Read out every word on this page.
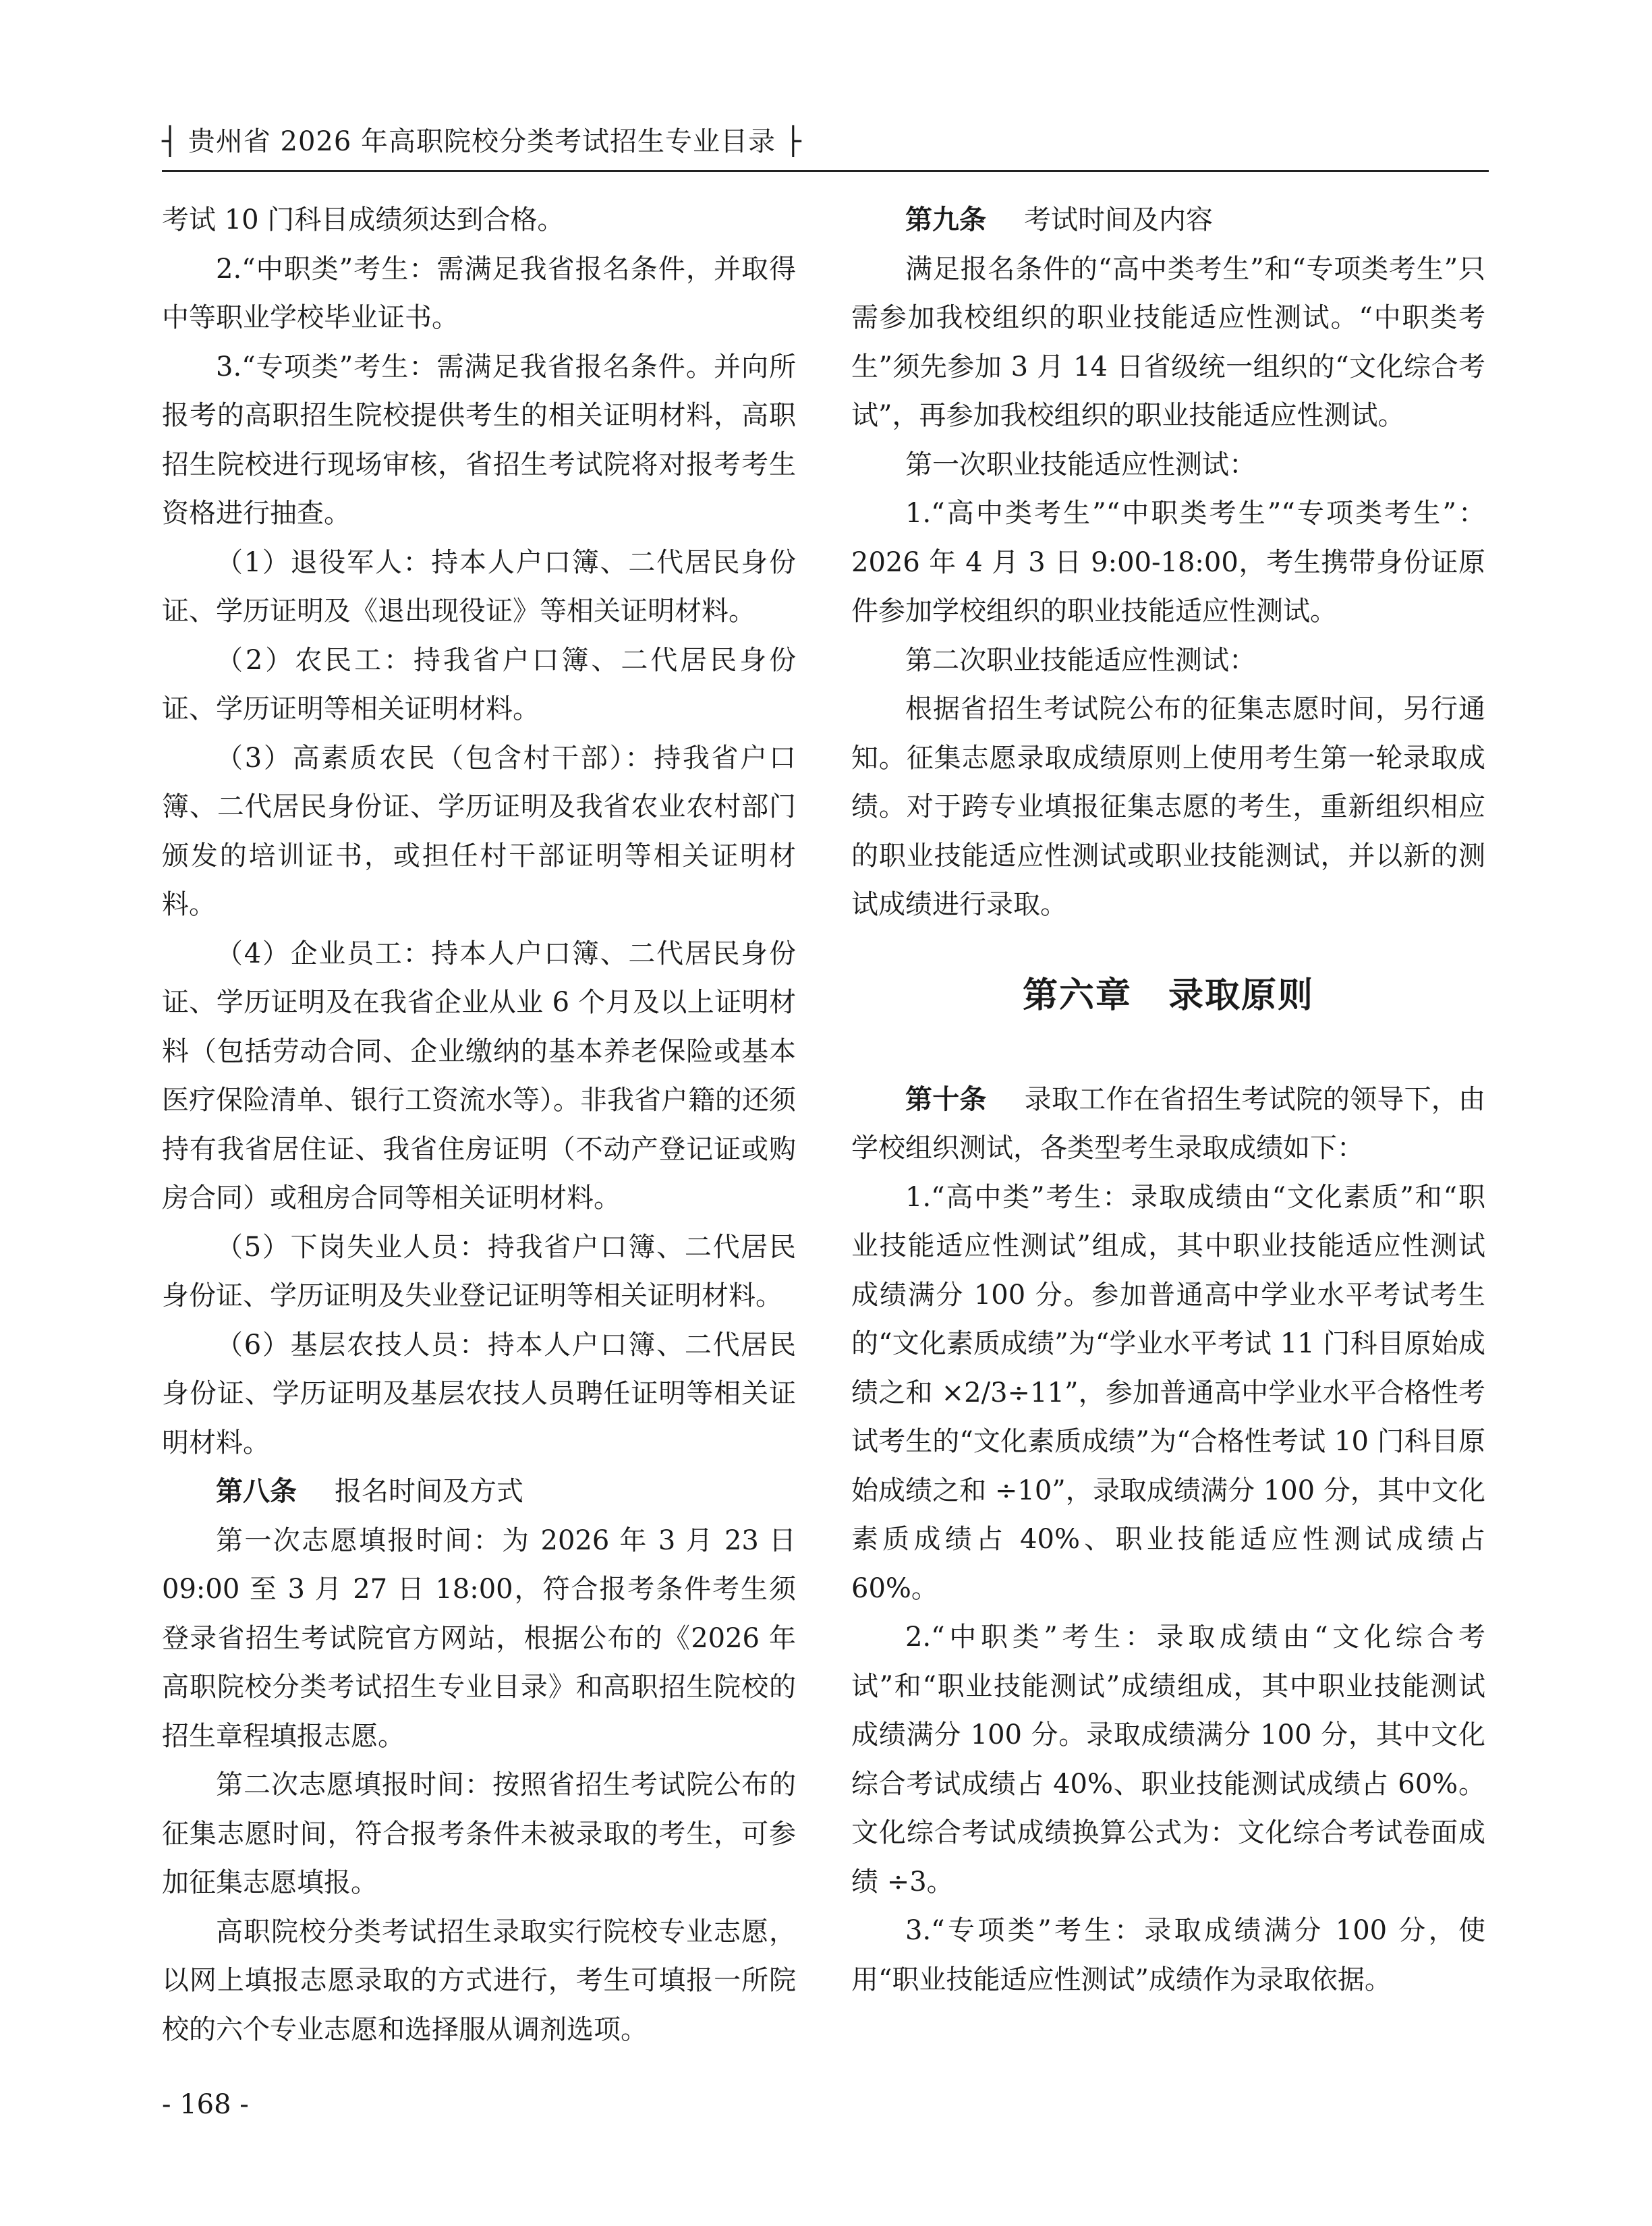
┤ 贵州省 2026 年高职院校分类考试招生专业目录 ├

考试 10 门科目成绩须达到合格。

2.“中职类”考生：需满足我省报名条件，并取得中等职业学校毕业证书。

3.“专项类”考生：需满足我省报名条件。并向所报考的高职招生院校提供考生的相关证明材料，高职招生院校进行现场审核，省招生考试院将对报考考生资格进行抽查。

（1）退役军人：持本人户口簿、二代居民身份证、学历证明及《退出现役证》等相关证明材料。

（2）农民工：持我省户口簿、二代居民身份证、学历证明等相关证明材料。

（3）高素质农民（包含村干部）：持我省户口簿、二代居民身份证、学历证明及我省农业农村部门颁发的培训证书，或担任村干部证明等相关证明材料。

（4）企业员工：持本人户口簿、二代居民身份证、学历证明及在我省企业从业 6 个月及以上证明材料（包括劳动合同、企业缴纳的基本养老保险或基本医疗保险清单、银行工资流水等）。非我省户籍的还须持有我省居住证、我省住房证明（不动产登记证或购房合同）或租房合同等相关证明材料。

（5）下岗失业人员：持我省户口簿、二代居民身份证、学历证明及失业登记证明等相关证明材料。

（6）基层农技人员：持本人户口簿、二代居民身份证、学历证明及基层农技人员聘任证明等相关证明材料。

第八条 报名时间及方式

第一次志愿填报时间：为 2026 年 3 月 23 日 09:00 至 3 月 27 日 18:00，符合报考条件考生须登录省招生考试院官方网站，根据公布的《2026 年高职院校分类考试招生专业目录》和高职招生院校的招生章程填报志愿。

第二次志愿填报时间：按照省招生考试院公布的征集志愿时间，符合报考条件未被录取的考生，可参加征集志愿填报。

高职院校分类考试招生录取实行院校专业志愿，以网上填报志愿录取的方式进行，考生可填报一所院校的六个专业志愿和选择服从调剂选项。

第九条 考试时间及内容

满足报名条件的“高中类考生”和“专项类考生”只需参加我校组织的职业技能适应性测试。“中职类考生”须先参加 3 月 14 日省级统一组织的“文化综合考试”，再参加我校组织的职业技能适应性测试。

第一次职业技能适应性测试：

1.“高中类考生”“中职类考生”“专项类考生”：2026 年 4 月 3 日 9:00-18:00，考生携带身份证原件参加学校组织的职业技能适应性测试。

第二次职业技能适应性测试：

根据省招生考试院公布的征集志愿时间，另行通知。征集志愿录取成绩原则上使用考生第一轮录取成绩。对于跨专业填报征集志愿的考生，重新组织相应的职业技能适应性测试或职业技能测试，并以新的测试成绩进行录取。

第六章　录取原则

第十条 录取工作在省招生考试院的领导下，由学校组织测试，各类型考生录取成绩如下：

1.“高中类”考生：录取成绩由“文化素质”和“职业技能适应性测试”组成，其中职业技能适应性测试成绩满分 100 分。参加普通高中学业水平考试考生的“文化素质成绩”为“学业水平考试 11 门科目原始成绩之和 ×2/3÷11”，参加普通高中学业水平合格性考试考生的“文化素质成绩”为“合格性考试 10 门科目原始成绩之和 ÷10”，录取成绩满分 100 分，其中文化素质成绩占 40%、职业技能适应性测试成绩占 60%。

2.“中职类”考生：录取成绩由“文化综合考试”和“职业技能测试”成绩组成，其中职业技能测试成绩满分 100 分。录取成绩满分 100 分，其中文化综合考试成绩占 40%、职业技能测试成绩占 60%。文化综合考试成绩换算公式为：文化综合考试卷面成绩 ÷3。

3.“专项类”考生：录取成绩满分 100 分，使用“职业技能适应性测试”成绩作为录取依据。

- 168 -
